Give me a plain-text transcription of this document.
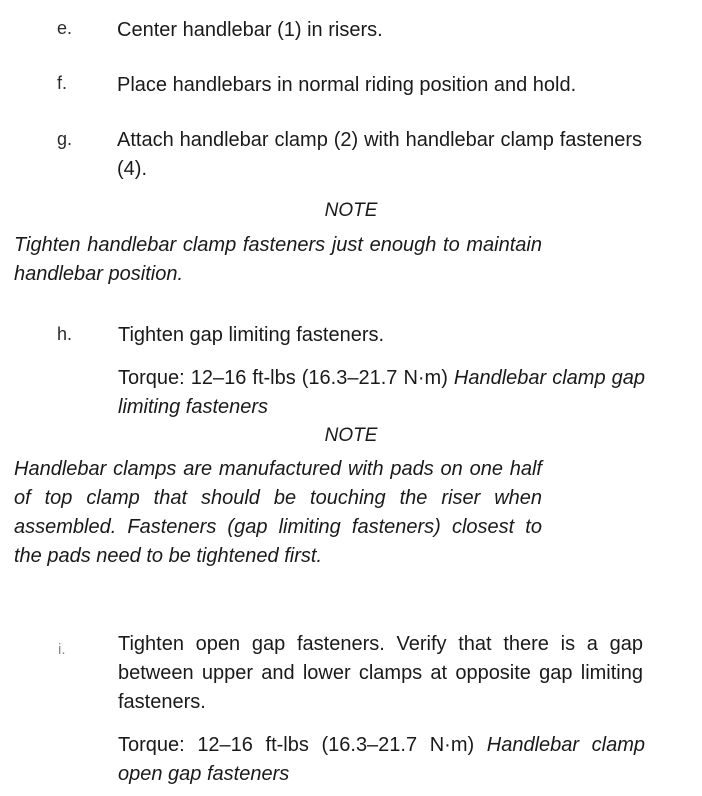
e. Center handlebar (1) in risers.
f. Place handlebars in normal riding position and hold.
g. Attach handlebar clamp (2) with handlebar clamp fasteners (4).
NOTE
Tighten handlebar clamp fasteners just enough to maintain handlebar position.
h. Tighten gap limiting fasteners.
Torque: 12–16 ft-lbs (16.3–21.7 N·m) Handlebar clamp gap limiting fasteners
NOTE
Handlebar clamps are manufactured with pads on one half of top clamp that should be touching the riser when assembled. Fasteners (gap limiting fasteners) closest to the pads need to be tightened first.
i.	Tighten open gap fasteners. Verify that there is a gap between upper and lower clamps at opposite gap limiting fasteners.
Torque: 12–16 ft-lbs (16.3–21.7 N·m) Handlebar clamp open gap fasteners
